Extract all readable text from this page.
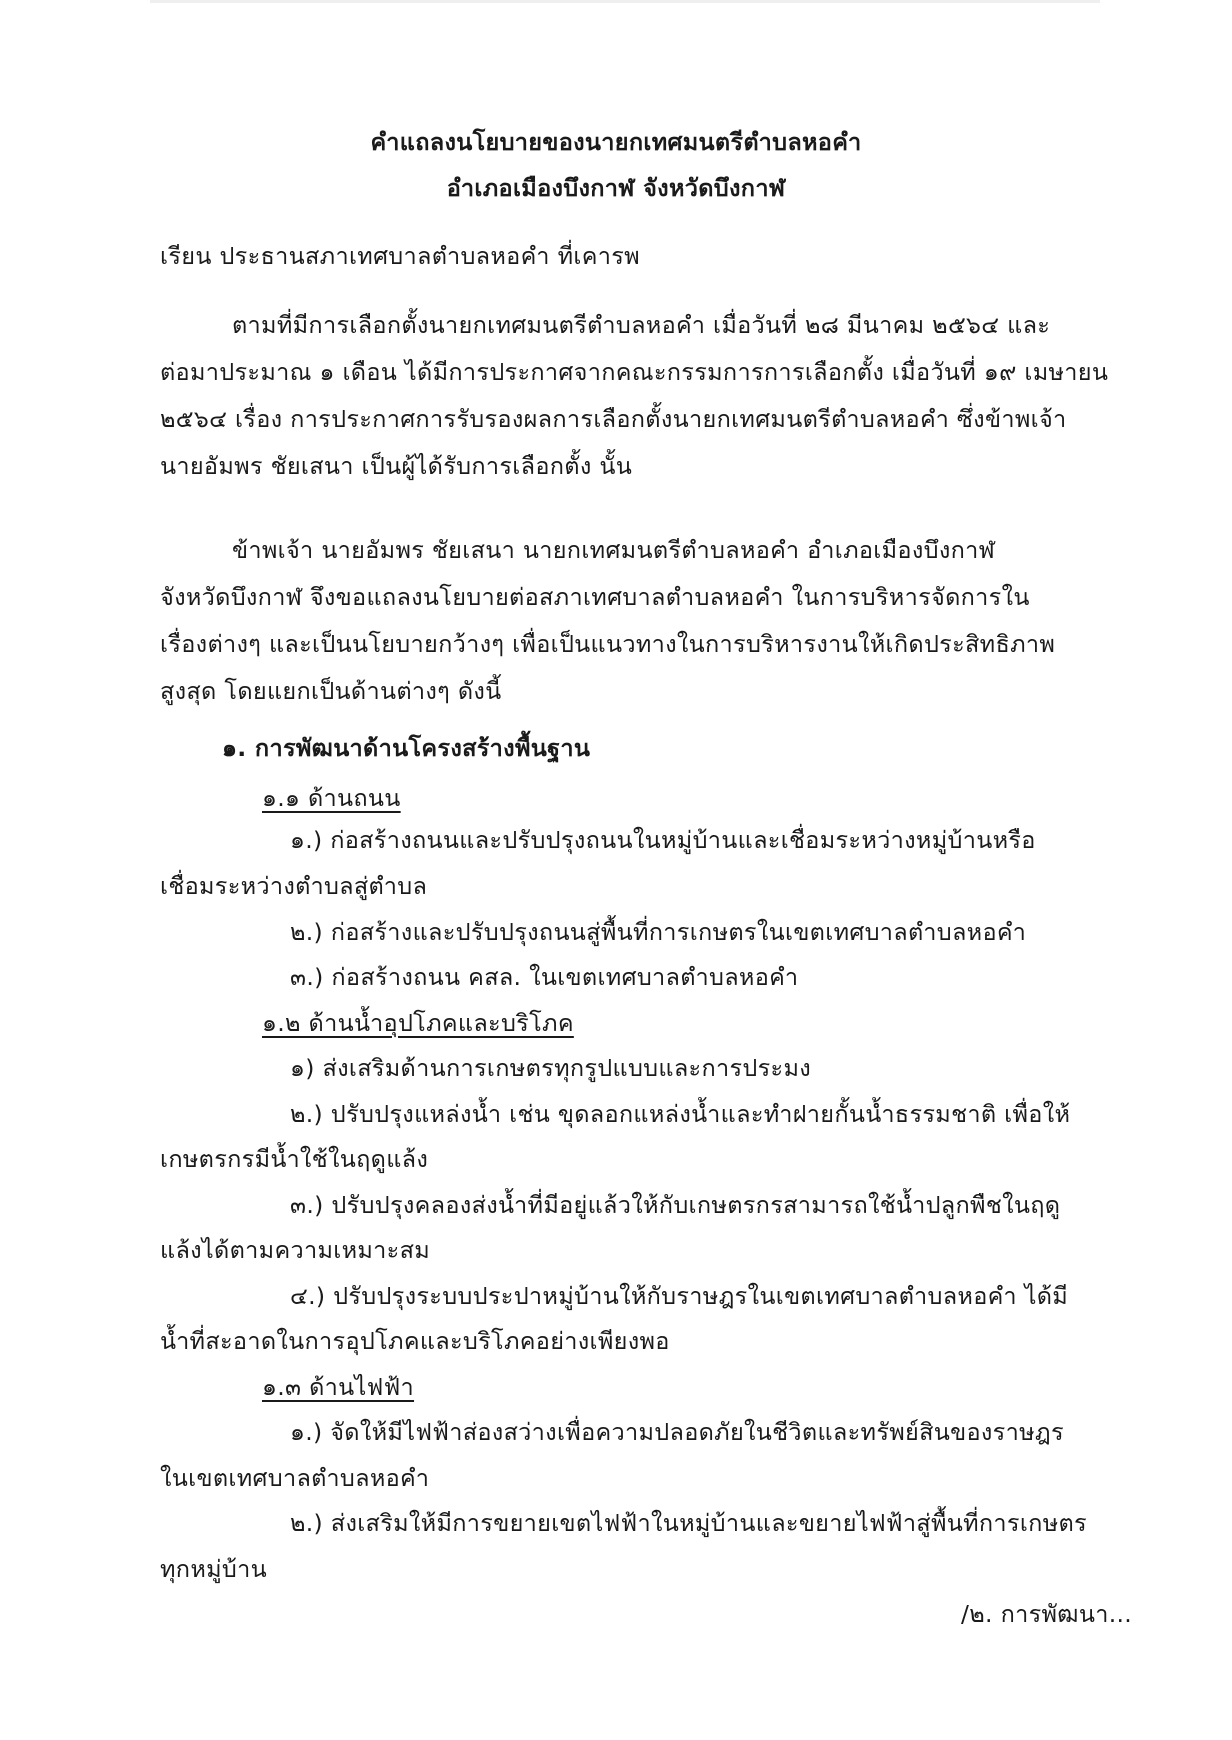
คำแถลงนโยบายของนายกเทศมนตรีตำบลหอคำ
อำเภอเมืองบึงกาฬ จังหวัดบึงกาฬ
เรียน ประธานสภาเทศบาลตำบลหอคำ ที่เคารพ
ตามที่มีการเลือกตั้งนายกเทศมนตรีตำบลหอคำ เมื่อวันที่ ๒๘ มีนาคม ๒๕๖๔ และ
ต่อมาประมาณ ๑ เดือน ได้มีการประกาศจากคณะกรรมการการเลือกตั้ง เมื่อวันที่ ๑๙ เมษายน
๒๕๖๔ เรื่อง การประกาศการรับรองผลการเลือกตั้งนายกเทศมนตรีตำบลหอคำ ซึ่งข้าพเจ้า
นายอัมพร ชัยเสนา เป็นผู้ได้รับการเลือกตั้ง นั้น
ข้าพเจ้า นายอัมพร ชัยเสนา นายกเทศมนตรีตำบลหอคำ อำเภอเมืองบึงกาฬ
จังหวัดบึงกาฬ จึงขอแถลงนโยบายต่อสภาเทศบาลตำบลหอคำ ในการบริหารจัดการใน
เรื่องต่างๆ และเป็นนโยบายกว้างๆ เพื่อเป็นแนวทางในการบริหารงานให้เกิดประสิทธิภาพ
สูงสุด โดยแยกเป็นด้านต่างๆ ดังนี้
๑. การพัฒนาด้านโครงสร้างพื้นฐาน
๑.๑ ด้านถนน
๑.) ก่อสร้างถนนและปรับปรุงถนนในหมู่บ้านและเชื่อมระหว่างหมู่บ้านหรือ
เชื่อมระหว่างตำบลสู่ตำบล
๒.) ก่อสร้างและปรับปรุงถนนสู่พื้นที่การเกษตรในเขตเทศบาลตำบลหอคำ
๓.) ก่อสร้างถนน คสล. ในเขตเทศบาลตำบลหอคำ
๑.๒ ด้านน้ำอุปโภคและบริโภค
๑) ส่งเสริมด้านการเกษตรทุกรูปแบบและการประมง
๒.) ปรับปรุงแหล่งน้ำ เช่น ขุดลอกแหล่งน้ำและทำฝายกั้นน้ำธรรมชาติ เพื่อให้
เกษตรกรมีน้ำใช้ในฤดูแล้ง
๓.) ปรับปรุงคลองส่งน้ำที่มีอยู่แล้วให้กับเกษตรกรสามารถใช้น้ำปลูกพืชในฤดู
แล้งได้ตามความเหมาะสม
๔.) ปรับปรุงระบบประปาหมู่บ้านให้กับราษฎรในเขตเทศบาลตำบลหอคำ ได้มี
น้ำที่สะอาดในการอุปโภคและบริโภคอย่างเพียงพอ
๑.๓ ด้านไฟฟ้า
๑.) จัดให้มีไฟฟ้าส่องสว่างเพื่อความปลอดภัยในชีวิตและทรัพย์สินของราษฎร
ในเขตเทศบาลตำบลหอคำ
๒.) ส่งเสริมให้มีการขยายเขตไฟฟ้าในหมู่บ้านและขยายไฟฟ้าสู่พื้นที่การเกษตร
ทุกหมู่บ้าน
/๒. การพัฒนา...
